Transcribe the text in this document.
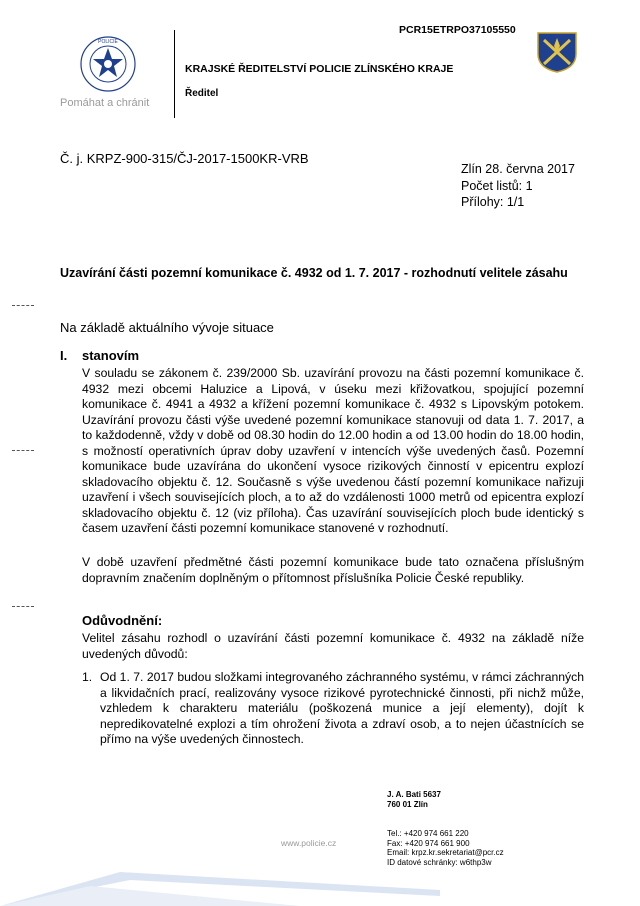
PCR15ETRPO37105550
POLICIE
Pomáhat a chránit
KRAJSKÉ ŘEDITELSTVÍ POLICIE ZLÍNSKÉHO KRAJE
Ředitel
Č. j. KRPZ-900-315/ČJ-2017-1500KR-VRB
Zlín 28. června 2017
Počet listů: 1
Přílohy: 1/1
Uzavírání části pozemní komunikace č. 4932 od 1. 7. 2017 - rozhodnutí velitele zásahu
Na základě aktuálního vývoje situace
I. stanovím
V souladu se zákonem č. 239/2000 Sb. uzavírání provozu na části pozemní komunikace č. 4932 mezi obcemi Haluzice a Lipová, v úseku mezi křižovatkou, spojující pozemní komunikace č. 4941 a 4932 a křížení pozemní komunikace č. 4932 s Lipovským potokem. Uzavírání provozu části výše uvedené pozemní komunikace stanovuji od data 1. 7. 2017, a to každodenně, vždy v době od 08.30 hodin do 12.00 hodin a od 13.00 hodin do 18.00 hodin, s možností operativních úprav doby uzavření v intencích výše uvedených časů. Pozemní komunikace bude uzavírána do ukončení vysoce rizikových činností v epicentru explozí skladovacího objektu č. 12. Současně s výše uvedenou částí pozemní komunikace nařizuji uzavření i všech souvisejících ploch, a to až do vzdálenosti 1000 metrů od epicentra explozí skladovacího objektu č. 12 (viz příloha). Čas uzavírání souvisejících ploch bude identický s časem uzavření části pozemní komunikace stanovené v rozhodnutí.
V době uzavření předmětné části pozemní komunikace bude tato označena příslušným dopravním značením doplněným o přítomnost příslušníka Policie České republiky.
Odůvodnění:
Velitel zásahu rozhodl o uzavírání části pozemní komunikace č. 4932 na základě níže uvedených důvodů:
1. Od 1. 7. 2017 budou složkami integrovaného záchranného systému, v rámci záchranných a likvidačních prací, realizovány vysoce rizikové pyrotechnické činnosti, při nichž může, vzhledem k charakteru materiálu (poškozená munice a její elementy), dojít k nepredikovatelné explozi a tím ohrožení života a zdraví osob, a to nejen účastnících se přímo na výše uvedených činnostech.
www.policie.cz
J. A. Bati 5637
760 01 Zlín
Tel.: +420 974 661 220
Fax: +420 974 661 900
Email: krpz.kr.sekretariat@pcr.cz
ID datové schránky: w6thp3w
